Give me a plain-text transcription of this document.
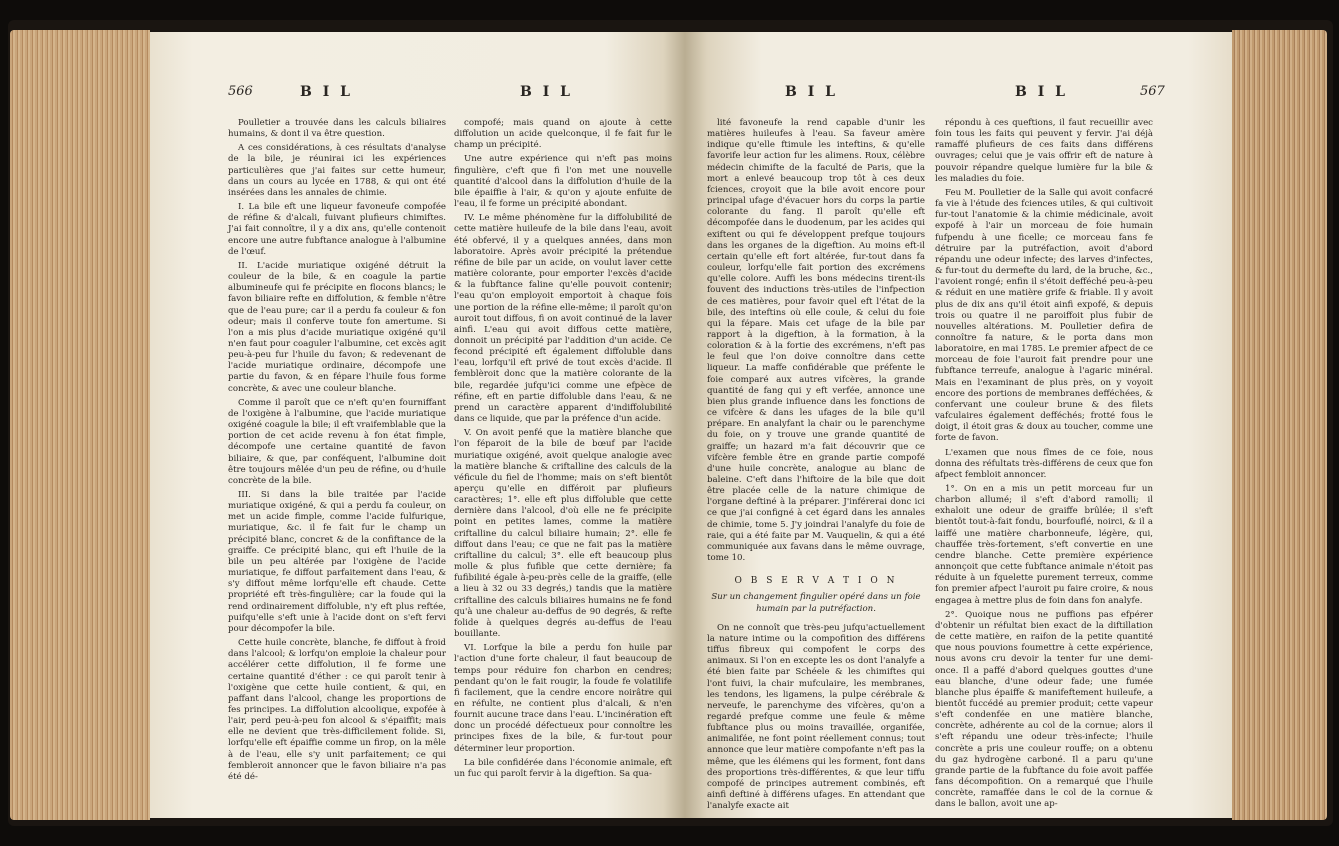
566	B I L	B I L

Poulletier a trouvée dans les calculs biliaires humains, & dont il va être question.

A ces considérations, à ces résultats d'analyse de la bile, je réunirai ici les expériences particulières que j'ai faites sur cette humeur, dans un cours au lycée en 1788, & qui ont été insérées dans les annales de chimie.

I. La bile eft une liqueur favoneufe compofée de réfine & d'alcali, fuivant plufieurs chimiftes. J'ai fait connoître, il y a dix ans, qu'elle contenoit encore une autre fubftance analogue à l'albumine de l'œuf.

II. L'acide muriatique oxigéné détruit la couleur de la bile, & en coagule la partie albumineufe qui fe précipite en flocons blancs; le favon biliaire refte en diffolution, & femble n'être que de l'eau pure; car il a perdu fa couleur & fon odeur; mais il conferve toute fon amertume. Si l'on a mis plus d'acide muriatique oxigéné qu'il n'en faut pour coaguler l'albumine, cet excès agit peu-à-peu fur l'huile du favon; & redevenant de l'acide muriatique ordinaire, décompofe une partie du favon, & en fépare l'huile fous forme concrète, & avec une couleur blanche.

Comme il paroît que ce n'eft qu'en fourniffant de l'oxigène à l'albumine, que l'acide muriatique oxigéné coagule la bile; il eft vraifemblable que la portion de cet acide revenu à fon état fimple, décompofe une certaine quantité de favon biliaire, & que, par conféquent, l'albumine doit être toujours mêlée d'un peu de réfine, ou d'huile concrète de la bile.

III. Si dans la bile traitée par l'acide muriatique oxigéné, & qui a perdu fa couleur, on met un acide fimple, comme l'acide fulfurique, muriatique, &c. il fe fait fur le champ un précipité blanc, concret & de la confiftance de la graiffe. Ce précipité blanc, qui eft l'huile de la bile un peu altérée par l'oxigène de l'acide muriatique, fe diffout parfaitement dans l'eau, & s'y diffout même lorfqu'elle eft chaude. Cette propriété eft très-fingulière; car la foude qui la rend ordinairement diffoluble, n'y eft plus reftée, puifqu'elle s'eft unie à l'acide dont on s'eft fervi pour décompofer la bile.

Cette huile concrète, blanche, fe diffout à froid dans l'alcool; & lorfqu'on emploie la chaleur pour accélérer cette diffolution, il fe forme une certaine quantité d'éther : ce qui paroît tenir à l'oxigène que cette huile contient, & qui, en paffant dans l'alcool, change les proportions de fes principes. La diffolution alcoolique, expofée à l'air, perd peu-à-peu fon alcool & s'épaiffit; mais elle ne devient que très-difficilement folide. Si, lorfqu'elle eft épaiffie comme un firop, on la mêle à de l'eau, elle s'y unit parfaitement; ce qui fembleroit annoncer que le favon biliaire n'a pas été dé-

compofé; mais quand on ajoute à cette diffolution un acide quelconque, il fe fait fur le champ un précipité.

Une autre expérience qui n'eft pas moins fingulière, c'eft que fi l'on met une nouvelle quantité d'alcool dans la diffolution d'huile de la bile épaiffie à l'air, & qu'on y ajoute enfuite de l'eau, il fe forme un précipité abondant.

IV. Le même phénomène fur la diffolubilité de cette matière huileufe de la bile dans l'eau, avoit été obfervé, il y a quelques années, dans mon laboratoire. Après avoir précipité la prétendue réfine de bile par un acide, on voulut laver cette matière colorante, pour emporter l'excès d'acide & la fubftance faline qu'elle pouvoit contenir; l'eau qu'on employoit emportoit à chaque fois une portion de la réfine elle-même; il paroît qu'on auroit tout diffous, fi on avoit continué de la laver ainfi. L'eau qui avoit diffous cette matière, donnoit un précipité par l'addition d'un acide. Ce fecond précipité eft également diffoluble dans l'eau, lorfqu'il eft privé de tout excès d'acide. Il femblèroit donc que la matière colorante de la bile, regardée jufqu'ici comme une efpèce de réfine, eft en partie diffoluble dans l'eau, & ne prend un caractère apparent d'indiffolubilité dans ce liquide, que par la préfence d'un acide.

V. On avoit penfé que la matière blanche que l'on féparoit de la bile de bœuf par l'acide muriatique oxigéné, avoit quelque analogie avec la matière blanche & criftalline des calculs de la véficule du fiel de l'homme; mais on s'eft bientôt aperçu qu'elle en différoit par plufieurs caractères; 1°. elle eft plus diffoluble que cette dernière dans l'alcool, d'où elle ne fe précipite point en petites lames, comme la matière criftalline du calcul biliaire humain; 2°. elle fe diffout dans l'eau; ce que ne fait pas la matière criftalline du calcul; 3°. elle eft beaucoup plus molle & plus fufible que cette dernière; fa fufibilité égale à-peu-près celle de la graiffe, (elle a lieu à 32 ou 33 degrés,) tandis que la matière criftalline des calculs biliaires humains ne fe fond qu'à une chaleur au-deffus de 90 degrés, & refte folide à quelques degrés au-deffus de l'eau bouillante.

VI. Lorfque la bile a perdu fon huile par l'action d'une forte chaleur, il faut beaucoup de temps pour réduire fon charbon en cendres; pendant qu'on le fait rougir, la foude fe volatilife fi facilement, que la cendre encore noirâtre qui en réfulte, ne contient plus d'alcali, & n'en fournit aucune trace dans l'eau. L'incinération eft donc un procédé défectueux pour connoître les principes fixes de la bile, & fur-tout pour déterminer leur proportion.

La bile confidérée dans l'économie animale, eft un fuc qui paroît fervir à la digeftion. Sa qua-

B I L	B I L	567

lité favoneufe la rend capable d'unir les matières huileufes à l'eau. Sa faveur amère indique qu'elle ftimule les inteftins, & qu'elle favorife leur action fur les alimens. Roux, célèbre médecin chimifte de la faculté de Paris, que la mort a enlevé beaucoup trop tôt à ces deux fciences, croyoit que la bile avoit encore pour principal ufage d'évacuer hors du corps la partie colorante du fang. Il paroît qu'elle eft décompofée dans le duodenum, par les acides qui exiftent ou qui fe développent prefque toujours dans les organes de la digeftion. Au moins eft-il certain qu'elle eft fort altérée, fur-tout dans fa couleur, lorfqu'elle fait portion des excrémens qu'elle colore. Auffi les bons médecins tirent-ils fouvent des inductions très-utiles de l'infpection de ces matières, pour favoir quel eft l'état de la bile, des inteftins où elle coule, & celui du foie qui la fépare. Mais cet ufage de la bile par rapport à la digeftion, à la formation, à la coloration & à la fortie des excrémens, n'eft pas le feul que l'on doive connoître dans cette liqueur. La maffe confidérable que préfente le foie comparé aux autres vifcères, la grande quantité de fang qui y eft verfée, annonce une bien plus grande influence dans les fonctions de ce vifcère & dans les ufages de la bile qu'il prépare. En analyfant la chair ou le parenchyme du foie, on y trouve une grande quantité de graiffe; un hazard m'a fait découvrir que ce vifcère femble être en grande partie compofé d'une huile concrète, analogue au blanc de baleine. C'eft dans l'hiftoire de la bile que doit être placée celle de la nature chimique de l'organe deftiné à la préparer. J'inférerai donc ici ce que j'ai configné à cet égard dans les annales de chimie, tome 5. J'y joindrai l'analyfe du foie de raie, qui a été faite par M. Vauquelin, & qui a été communiquée aux favans dans le même ouvrage, tome 10.

O B S E R V A T I O N

Sur un changement fingulier opéré dans un foie humain par la putréfaction.

On ne connoît que très-peu jufqu'actuellement la nature intime ou la compofition des différens tiffus fibreux qui compofent le corps des animaux. Si l'on en excepte les os dont l'analyfe a été bien faite par Schéele & les chimiftes qui l'ont fuivi, la chair mufculaire, les membranes, les tendons, les ligamens, la pulpe cérébrale & nerveufe, le parenchyme des vifcères, qu'on a regardé prefque comme une feule & même fubftance plus ou moins travaillée, organifée, animalifée, ne font point réellement connus; tout annonce que leur matière compofante n'eft pas la même, que les élémens qui les forment, font dans des proportions très-différentes, & que leur tiffu compofé de principes autrement combinés, eft ainfi deftiné à différens ufages. En attendant que l'analyfe exacte ait

répondu à ces queftions, il faut recueillir avec foin tous les faits qui peuvent y fervir. J'ai déjà ramaffé plufieurs de ces faits dans différens ouvrages; celui que je vais offrir eft de nature à pouvoir répandre quelque lumière fur la bile & les maladies du foie.

Feu M. Poulletier de la Salle qui avoit confacré fa vie à l'étude des fciences utiles, & qui cultivoit fur-tout l'anatomie & la chimie médicinale, avoit expofé à l'air un morceau de foie humain fufpendu à une ficelle; ce morceau fans fe détruire par la putréfaction, avoit d'abord répandu une odeur infecte; des larves d'infectes, & fur-tout du dermefte du lard, de la bruche, &c., l'avoient rongé; enfin il s'étoit defféché peu-à-peu & réduit en une matière grife & friable. Il y avoit plus de dix ans qu'il étoit ainfi expofé, & depuis trois ou quatre il ne paroiffoit plus fubir de nouvelles altérations. M. Poulletier defira de connoître fa nature, & le porta dans mon laboratoire, en mai 1785. Le premier afpect de ce morceau de foie l'auroit fait prendre pour une fubftance terreufe, analogue à l'agaric minéral. Mais en l'examinant de plus près, on y voyoit encore des portions de membranes defféchées, & confervant une couleur brune & des filets vafculaires également defféchés; frotté fous le doigt, il étoit gras & doux au toucher, comme une forte de favon.

L'examen que nous fîmes de ce foie, nous donna des réfultats très-différens de ceux que fon afpect fembloit annoncer.

1°. On en a mis un petit morceau fur un charbon allumé; il s'eft d'abord ramolli; il exhaloit une odeur de graiffe brûlée; il s'eft bientôt tout-à-fait fondu, bourfouflé, noirci, & il a laiffé une matière charbonneufe, légère, qui, chauffée très-fortement, s'eft convertie en une cendre blanche. Cette première expérience annonçoit que cette fubftance animale n'étoit pas réduite à un fquelette purement terreux, comme fon premier afpect l'auroit pu faire croire, & nous engagea à mettre plus de foin dans fon analyfe.

2°. Quoique nous ne puffions pas efpérer d'obtenir un réfultat bien exact de la diftillation de cette matière, en raifon de la petite quantité que nous pouvions foumettre à cette expérience, nous avons cru devoir la tenter fur une demi-once. Il a paffé d'abord quelques gouttes d'une eau blanche, d'une odeur fade; une fumée blanche plus épaiffe & manifeftement huileufe, a bientôt fuccédé au premier produit; cette vapeur s'eft condenfée en une matière blanche, concrète, adhérente au col de la cornue; alors il s'eft répandu une odeur très-infecte; l'huile concrète a pris une couleur rouffe; on a obtenu du gaz hydrogène carboné. Il a paru qu'une grande partie de la fubftance du foie avoit paffée fans décompofition. On a remarqué que l'huile concrète, ramaffée dans le col de la cornue & dans le ballon, avoit une ap-
